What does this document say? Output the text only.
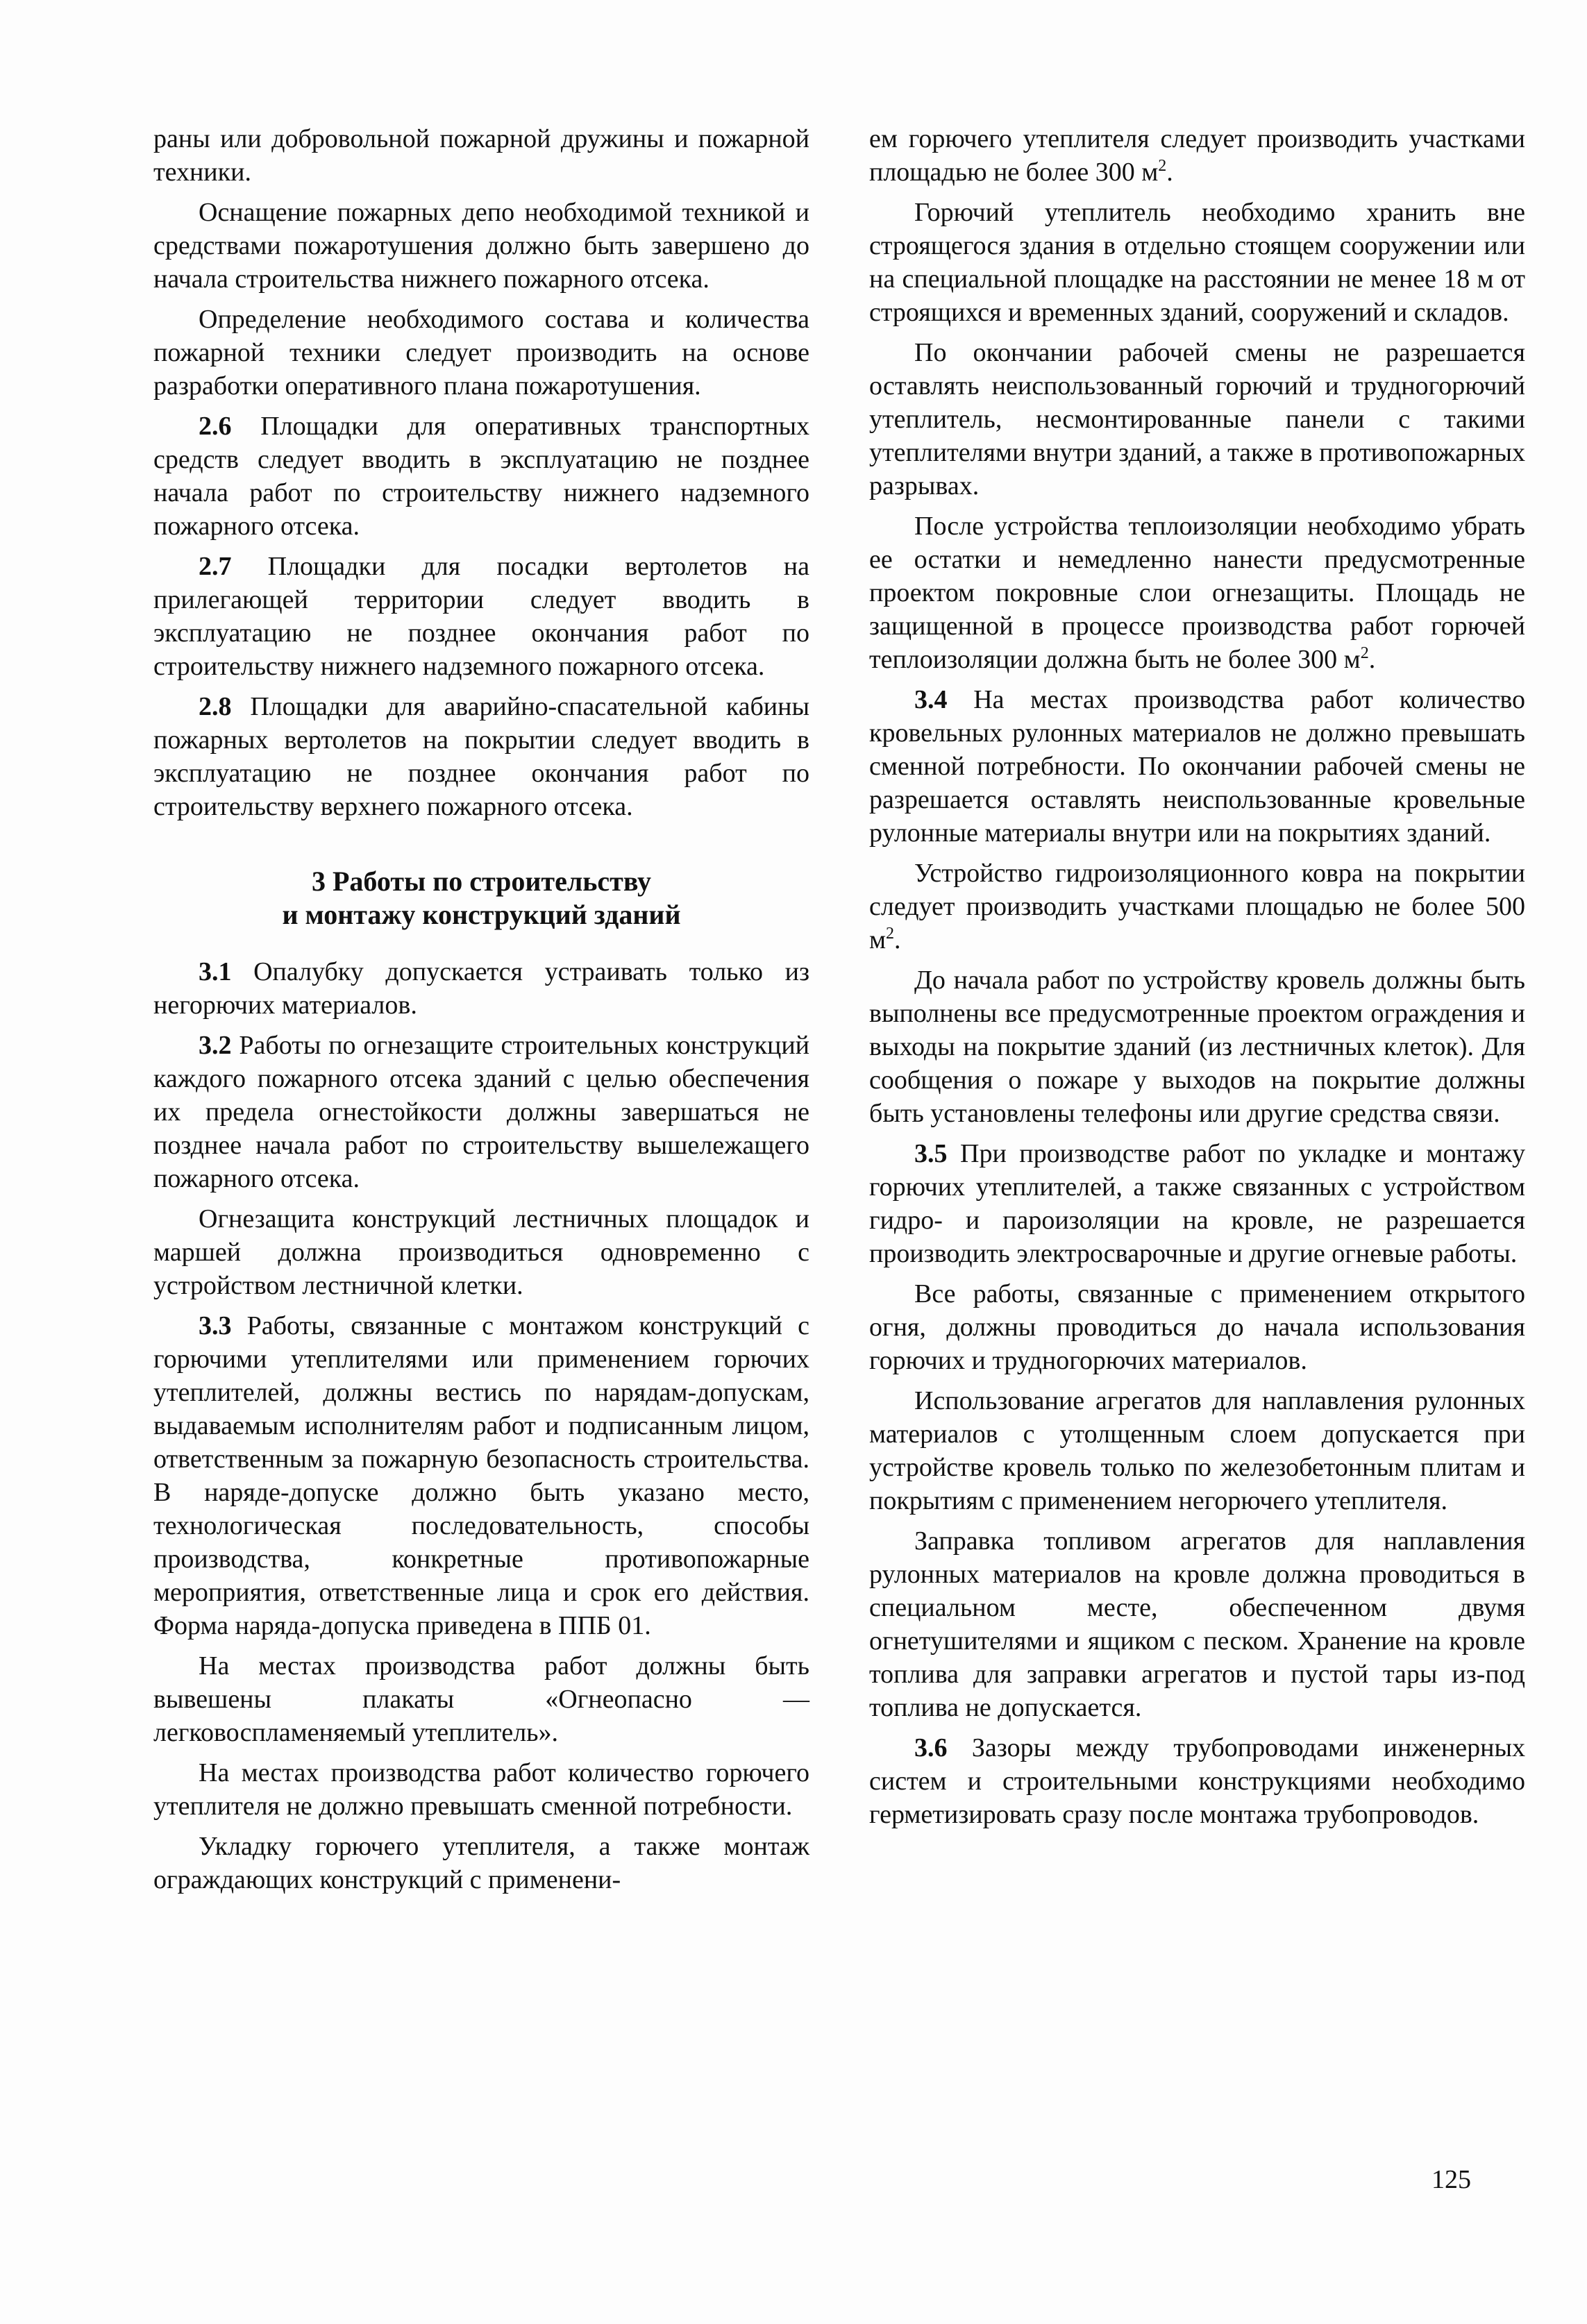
раны или добровольной пожарной дружины и пожарной техники.

Оснащение пожарных депо необходимой техникой и средствами пожаротушения должно быть завершено до начала строительства нижнего пожарного отсека.

Определение необходимого состава и количества пожарной техники следует производить на основе разработки оперативного плана пожаротушения.

2.6 Площадки для оперативных транспортных средств следует вводить в эксплуатацию не позднее начала работ по строительству нижнего надземного пожарного отсека.

2.7 Площадки для посадки вертолетов на прилегающей территории следует вводить в эксплуатацию не позднее окончания работ по строительству нижнего надземного пожарного отсека.

2.8 Площадки для аварийно-спасательной кабины пожарных вертолетов на покрытии следует вводить в эксплуатацию не позднее окончания работ по строительству верхнего пожарного отсека.

3 Работы по строительству

и монтажу конструкций зданий

3.1 Опалубку допускается устраивать только из негорючих материалов.

3.2 Работы по огнезащите строительных конструкций каждого пожарного отсека зданий с целью обеспечения их предела огнестойкости должны завершаться не позднее начала работ по строительству вышележащего пожарного отсека.

Огнезащита конструкций лестничных площадок и маршей должна производиться одновременно с устройством лестничной клетки.

3.3 Работы, связанные с монтажом конструкций с горючими утеплителями или применением горючих утеплителей, должны вестись по нарядам-допускам, выдаваемым исполнителям работ и подписанным лицом, ответственным за пожарную безопасность строительства. В наряде-допуске должно быть указано место, технологическая последовательность, способы производства, конкретные противопожарные мероприятия, ответственные лица и срок его действия. Форма наряда-допуска приведена в ППБ 01.

На местах производства работ должны быть вывешены плакаты «Огнеопасно — легковоспламеняемый утеплитель».

На местах производства работ количество горючего утеплителя не должно превышать сменной потребности.

Укладку горючего утеплителя, а также монтаж ограждающих конструкций с применени-

ем горючего утеплителя следует производить участками площадью не более 300 $м^2$.

Горючий утеплитель необходимо хранить вне строящегося здания в отдельно стоящем сооружении или на специальной площадке на расстоянии не менее 18 м от строящихся и временных зданий, сооружений и складов.

По окончании рабочей смены не разрешается оставлять неиспользованный горючий и трудногорючий утеплитель, несмонтированные панели с такими утеплителями внутри зданий, а также в противопожарных разрывах.

После устройства теплоизоляции необходимо убрать ее остатки и немедленно нанести предусмотренные проектом покровные слои огнезащиты. Площадь не защищенной в процессе производства работ горючей теплоизоляции должна быть не более 300 $м^2$.

3.4 На местах производства работ количество кровельных рулонных материалов не должно превышать сменной потребности. По окончании рабочей смены не разрешается оставлять неиспользованные кровельные рулонные материалы внутри или на покрытиях зданий.

Устройство гидроизоляционного ковра на покрытии следует производить участками площадью не более 500 $м^2$.

До начала работ по устройству кровель должны быть выполнены все предусмотренные проектом ограждения и выходы на покрытие зданий (из лестничных клеток). Для сообщения о пожаре у выходов на покрытие должны быть установлены телефоны или другие средства связи.

3.5 При производстве работ по укладке и монтажу горючих утеплителей, а также связанных с устройством гидро- и пароизоляции на кровле, не разрешается производить электросварочные и другие огневые работы.

Все работы, связанные с применением открытого огня, должны проводиться до начала использования горючих и трудногорючих материалов.

Использование агрегатов для наплавления рулонных материалов с утолщенным слоем допускается при устройстве кровель только по железобетонным плитам и покрытиям с применением негорючего утеплителя.

Заправка топливом агрегатов для наплавления рулонных материалов на кровле должна проводиться в специальном месте, обеспеченном двумя огнетушителями и ящиком с песком. Хранение на кровле топлива для заправки агрегатов и пустой тары из-под топлива не допускается.

3.6 Зазоры между трубопроводами инженерных систем и строительными конструкциями необходимо герметизировать сразу после монтажа трубопроводов.

125
